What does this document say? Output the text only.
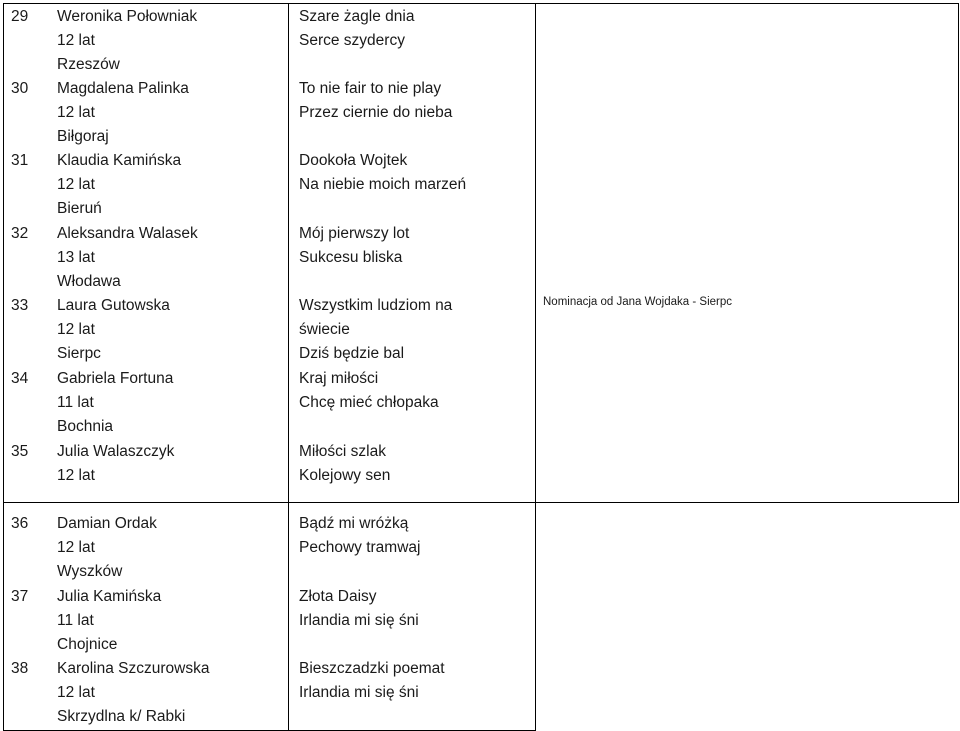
29
30
31
32
33
34
35
Weronika Połowniak
12 lat
Rzeszów
Magdalena Palinka
12 lat
Biłgoraj
Klaudia Kamińska
12 lat
Bieruń
Aleksandra Walasek
13 lat
Włodawa
Laura Gutowska
12 lat
Sierpc
Gabriela Fortuna
11 lat
Bochnia
Julia Walaszczyk
12 lat
Szare żagle dnia
Serce szydercy
To nie fair to nie play
Przez ciernie do nieba
Dookoła Wojtek
Na niebie moich marzeń
Mój pierwszy lot
Sukcesu bliska
Wszystkim ludziom na
świecie
Dziś będzie bal
Kraj miłości
Chcę mieć chłopaka
Miłości szlak
Kolejowy sen
Nominacja od Jana Wojdaka - Sierpc
36
37
38
Damian Ordak
12 lat
Wyszków
Julia Kamińska
11 lat
Chojnice
Karolina Szczurowska
12 lat
Skrzydlna k/ Rabki
Bądź mi wróżką
Pechowy tramwaj
Złota Daisy
Irlandia mi się śni
Bieszczadzki poemat
Irlandia mi się śni
